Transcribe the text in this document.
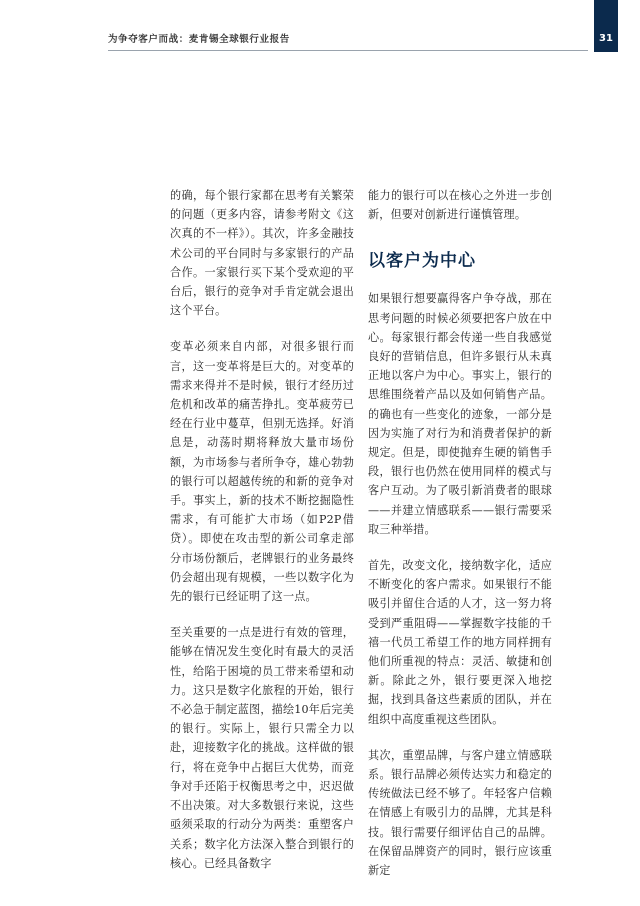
为争夺客户而战：麦肯锡全球银行业报告	31

的确，每个银行家都在思考有关繁荣的问题（更多内容，请参考附文《这次真的不一样》）。其次，许多金融技术公司的平台同时与多家银行的产品合作。一家银行买下某个受欢迎的平台后，银行的竞争对手肯定就会退出这个平台。

变革必须来自内部，对很多银行而言，这一变革将是巨大的。对变革的需求来得并不是时候，银行才经历过危机和改革的痛苦挣扎。变革疲劳已经在行业中蔓草，但别无选择。好消息是，动荡时期将释放大量市场份额，为市场参与者所争夺，雄心勃勃的银行可以超越传统的和新的竞争对手。事实上，新的技术不断挖掘隐性需求，有可能扩大市场（如P2P借贷）。即使在攻击型的新公司拿走部分市场份额后，老牌银行的业务最终仍会超出现有规模，一些以数字化为先的银行已经证明了这一点。

至关重要的一点是进行有效的管理，能够在情况发生变化时有最大的灵活性，给陷于困境的员工带来希望和动力。这只是数字化旅程的开始，银行不必急于制定蓝图，描绘10年后完美的银行。实际上，银行只需全力以赴，迎接数字化的挑战。这样做的银行，将在竞争中占据巨大优势，而竞争对手还陷于权衡思考之中，迟迟做不出决策。对大多数银行来说，这些亟须采取的行动分为两类：重塑客户关系；数字化方法深入整合到银行的核心。已经具备数字

能力的银行可以在核心之外进一步创新，但要对创新进行谨慎管理。

以客户为中心

如果银行想要赢得客户争夺战，那在思考问题的时候必须要把客户放在中心。每家银行都会传递一些自我感觉良好的营销信息，但许多银行从未真正地以客户为中心。事实上，银行的思维围绕着产品以及如何销售产品。的确也有一些变化的迹象，一部分是因为实施了对行为和消费者保护的新规定。但是，即使抛弃生硬的销售手段，银行也仍然在使用同样的模式与客户互动。为了吸引新消费者的眼球——并建立情感联系——银行需要采取三种举措。

首先，改变文化，接纳数字化，适应不断变化的客户需求。如果银行不能吸引并留住合适的人才，这一努力将受到严重阻碍——掌握数字技能的千禧一代员工希望工作的地方同样拥有他们所重视的特点：灵活、敏捷和创新。除此之外，银行要更深入地挖掘，找到具备这些素质的团队，并在组织中高度重视这些团队。

其次，重塑品牌，与客户建立情感联系。银行品牌必须传达实力和稳定的传统做法已经不够了。年轻客户信赖在情感上有吸引力的品牌，尤其是科技。银行需要仔细评估自己的品牌。在保留品牌资产的同时，银行应该重新定
